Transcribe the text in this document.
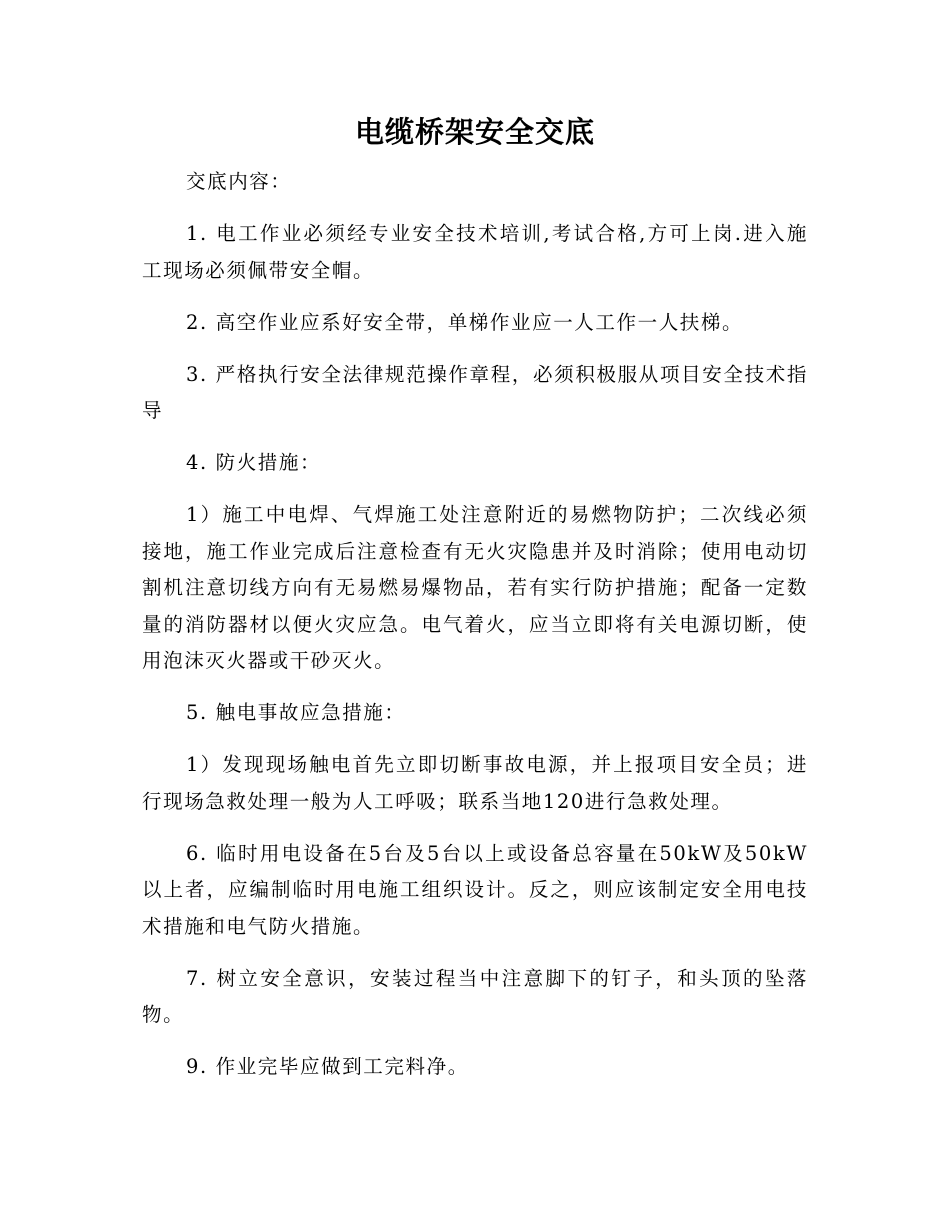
电缆桥架安全交底

交底内容：

1. 电工作业必须经专业安全技术培训,考试合格,方可上岗.进入施工现场必须佩带安全帽。

2. 高空作业应系好安全带，单梯作业应一人工作一人扶梯。

3. 严格执行安全法律规范操作章程，必须积极服从项目安全技术指导

4. 防火措施：

1）施工中电焊、气焊施工处注意附近的易燃物防护；二次线必须接地，施工作业完成后注意检查有无火灾隐患并及时消除；使用电动切割机注意切线方向有无易燃易爆物品，若有实行防护措施；配备一定数量的消防器材以便火灾应急。电气着火，应当立即将有关电源切断，使用泡沫灭火器或干砂灭火。

5. 触电事故应急措施：

1）发现现场触电首先立即切断事故电源，并上报项目安全员；进行现场急救处理一般为人工呼吸；联系当地120进行急救处理。

6. 临时用电设备在5台及5台以上或设备总容量在50kW及50kW以上者，应编制临时用电施工组织设计。反之，则应该制定安全用电技术措施和电气防火措施。

7. 树立安全意识，安装过程当中注意脚下的钉子，和头顶的坠落物。

9. 作业完毕应做到工完料净。
